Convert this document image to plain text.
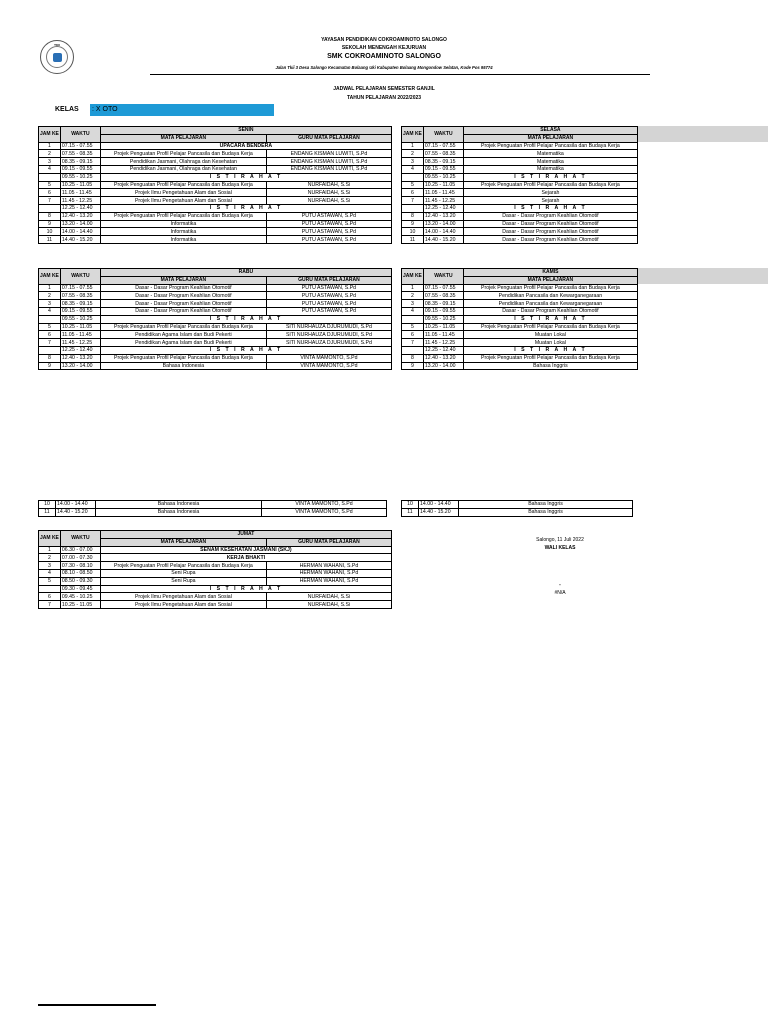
TKII
YAYASAN PENDIDIKAN COKROAMINOTO SALONGO
SEKOLAH MENENGAH KEJURUAN
SMK COKROAMINOTO SALONGO
Jalan Tkii 3 Desa Salongo Kecamatan Bolaang Uki Kabupaten Bolaang Mongondow Selatan, Kode Pos 95774
JADWAL PELAJARAN SEMESTER GANJIL
TAHUN PELAJARAN 2022/2023
KELAS : X OTO
JAM KE	WAKTU	SENIN	
		MATA PELAJARAN	GURU MATA PELAJARAN
1	07.15 - 07.55	UPACARA BENDERA	
2	07.55 - 08.35	Projek Penguatan Profil Pelajar Pancasila dan Budaya Kerja	ENDANG KISMAN LUWITI, S.Pd
3	08.35 - 09.15	Pendidikan Jasmani, Olahraga dan Kesehatan	ENDANG KISMAN LUWITI, S.Pd
4	09.15 - 09.55	Pendidikan Jasmani, Olahraga dan Kesehatan	ENDANG KISMAN LUWITI, S.Pd
	09.55 - 10.25	I S T I R A H A T	
5	10.25 - 11.05	Projek Penguatan Profil Pelajar Pancasila dan Budaya Kerja	NURFAIDAH, S.Si
6	11.05 - 11.45	Projek Ilmu Pengetahuan Alam dan Sosial	NURFAIDAH, S.Si
7	11.45 - 12.25	Projek Ilmu Pengetahuan Alam dan Sosial	NURFAIDAH, S.Si
	12.25 - 12.40	I S T I R A H A T	
8	12.40 - 13.20	Projek Penguatan Profil Pelajar Pancasila dan Budaya Kerja	PUTU ASTAWAN, S.Pd
9	13.20 - 14.00	Informatika	PUTU ASTAWAN, S.Pd
10	14.00 - 14.40	Informatika	PUTU ASTAWAN, S.Pd
11	14.40 - 15.20	Informatika	PUTU ASTAWAN, S.Pd
JAM KE	WAKTU	SELASA
		MATA PELAJARAN
1	07.15 - 07.55	Projek Penguatan Profil Pelajar Pancasila dan Budaya Kerja
2	07.55 - 08.35	Matematika
3	08.35 - 09.15	Matematika
4	09.15 - 09.55	Matematika
	09.55 - 10.25	I S T I R A H A T
5	10.25 - 11.05	Projek Penguatan Profil Pelajar Pancasila dan Budaya Kerja
6	11.05 - 11.45	Sejarah
7	11.45 - 12.25	Sejarah
	12.25 - 12.40	I S T I R A H A T
8	12.40 - 13.20	Dasar - Dasar Program Keahlian Otomotif
9	13.20 - 14.00	Dasar - Dasar Program Keahlian Otomotif
10	14.00 - 14.40	Dasar - Dasar Program Keahlian Otomotif
11	14.40 - 15.20	Dasar - Dasar Program Keahlian Otomotif
JAM KE	WAKTU	RABU	
		MATA PELAJARAN	GURU MATA PELAJARAN
1	07.15 - 07.55	Dasar - Dasar Program Keahlian Otomotif	PUTU ASTAWAN, S.Pd
2	07.55 - 08.35	Dasar - Dasar Program Keahlian Otomotif	PUTU ASTAWAN, S.Pd
3	08.35 - 09.15	Dasar - Dasar Program Keahlian Otomotif	PUTU ASTAWAN, S.Pd
4	09.15 - 09.55	Dasar - Dasar Program Keahlian Otomotif	PUTU ASTAWAN, S.Pd
	09.55 - 10.25	I S T I R A H A T	
5	10.25 - 11.05	Projek Penguatan Profil Pelajar Pancasila dan Budaya Kerja	SITI NURHAUZA DJURUMUDI, S.Pd
6	11.05 - 11.45	Pendidikan Agama Islam dan Budi Pekerti	SITI NURHAUZA DJURUMUDI, S.Pd
7	11.45 - 12.25	Pendidikan Agama Islam dan Budi Pekerti	SITI NURHAUZA DJURUMUDI, S.Pd
	12.25 - 12.40	I S T I R A H A T	
8	12.40 - 13.20	Projek Penguatan Profil Pelajar Pancasila dan Budaya Kerja	VINTA MAMONTO, S.Pd
9	13.20 - 14.00	Bahasa Indonesia	VINTA MAMONTO, S.Pd
JAM KE	WAKTU	KAMIS
		MATA PELAJARAN
1	07.15 - 07.55	Projek Penguatan Profil Pelajar Pancasila dan Budaya Kerja
2	07.55 - 08.35	Pendidikan Pancasila dan Kewarganegaraan
3	08.35 - 09.15	Pendidikan Pancasila dan Kewarganegaraan
4	09.15 - 09.55	Dasar - Dasar Program Keahlian Otomotif
	09.55 - 10.25	I S T I R A H A T
5	10.25 - 11.05	Projek Penguatan Profil Pelajar Pancasila dan Budaya Kerja
6	11.05 - 11.45	Muatan Lokal
7	11.45 - 12.25	Muatan Lokal
	12.25 - 12.40	I S T I R A H A T
8	12.40 - 13.20	Projek Penguatan Profil Pelajar Pancasila dan Budaya Kerja
9	13.20 - 14.00	Bahasa Inggris
10	14.00 - 14.40	Bahasa Indonesia	VINTA MAMONTO, S.Pd
11	14.40 - 15.20	Bahasa Indonesia	VINTA MAMONTO, S.Pd
10	14.00 - 14.40	Bahasa Inggris
11	14.40 - 15.20	Bahasa Inggris
JAM KE	WAKTU	JUMAT	
		MATA PELAJARAN	GURU MATA PELAJARAN
1	06.30 - 07.00	SENAM KESEHATAN JASMANI (SKJ)	
2	07.00 - 07.30	KERJA BHAKTI	
3	07.30 - 08.10	Projek Penguatan Profil Pelajar Pancasila dan Budaya Kerja	HERMAN WAHANI, S.Pd
4	08.10 - 08.50	Seni Rupa	HERMAN WAHANI, S.Pd
5	08.50 - 09.30	Seni Rupa	HERMAN WAHANI, S.Pd
	09.30 - 09.45	I S T I R A H A T	
6	09.45 - 10.25	Projek Ilmu Pengetahuan Alam dan Sosial	NURFAIDAH, S.Si
7	10.25 - 11.05	Projek Ilmu Pengetahuan Alam dan Sosial	NURFAIDAH, S.Si
Salongo, 11 Juli 2022
WALI KELAS
-
#N/A
